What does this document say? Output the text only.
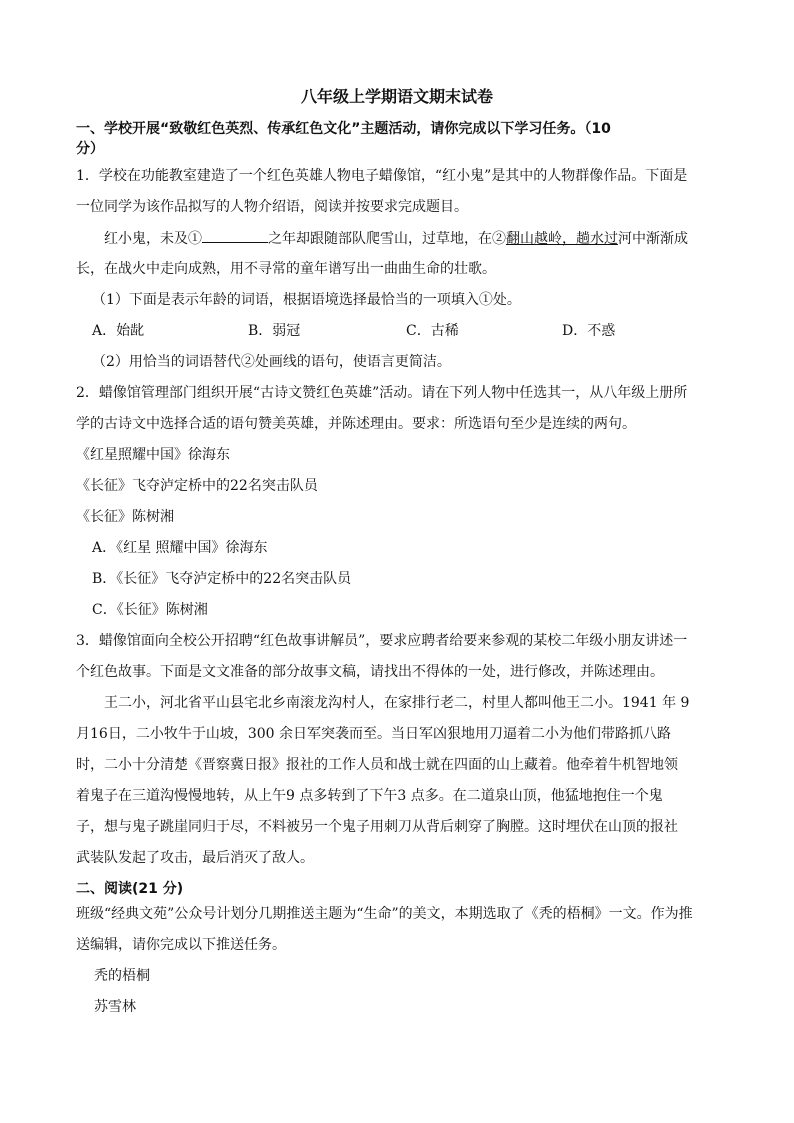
八年级上学期语文期末试卷
一、学校开展“致敬红色英烈、传承红色文化”主题活动，请你完成以下学习任务。（10
分）
1．学校在功能教室建造了一个红色英雄人物电子蜡像馆，“红小鬼”是其中的人物群像作品。下面是
一位同学为该作品拟写的人物介绍语，阅读并按要求完成题目。
红小鬼，未及①	之年却跟随部队爬雪山，过草地，在②翻山越岭，趟水过河中渐渐成
长，在战火中走向成熟，用不寻常的童年谱写出一曲曲生命的壮歌。
（1）下面是表示年龄的词语，根据语境选择最恰当的一项填入①处。
A．始龀	B．弱冠	C．古稀	D．不惑
（2）用恰当的词语替代②处画线的语句，使语言更简洁。
2．蜡像馆管理部门组织开展“古诗文赞红色英雄”活动。请在下列人物中任选其一，从八年级上册所
学的古诗文中选择合适的语句赞美英雄，并陈述理由。要求：所选语句至少是连续的两句。
《红星照耀中国》徐海东
《长征》飞夺泸定桥中的22名突击队员
《长征》陈树湘
A．《红星 照耀中国》徐海东
B．《长征》飞夺泸定桥中的22名突击队员
C．《长征》陈树湘
3．蜡像馆面向全校公开招聘“红色故事讲解员”，要求应聘者给要来参观的某校二年级小朋友讲述一
个红色故事。下面是文文准备的部分故事文稿，请找出不得体的一处，进行修改，并陈述理由。
王二小，河北省平山县宅北乡南滚龙沟村人，在家排行老二，村里人都叫他王二小。1941 年 9
月16日，二小牧牛于山坡，300 余日军突袭而至。当日军凶狠地用刀逼着二小为他们带路抓八路
时，二小十分清楚《晋察冀日报》报社的工作人员和战士就在四面的山上藏着。他牵着牛机智地领
着鬼子在三道沟慢慢地转，从上午9 点多转到了下午3 点多。在二道泉山顶，他猛地抱住一个鬼
子，想与鬼子跳崖同归于尽，不料被另一个鬼子用刺刀从背后刺穿了胸膛。这时埋伏在山顶的报社
武装队发起了攻击，最后消灭了敌人。
二、阅读(21 分)
班级“经典文苑”公众号计划分几期推送主题为“生命”的美文，本期选取了《秃的梧桐》一文。作为推
送编辑，请你完成以下推送任务。
秃的梧桐
苏雪林
